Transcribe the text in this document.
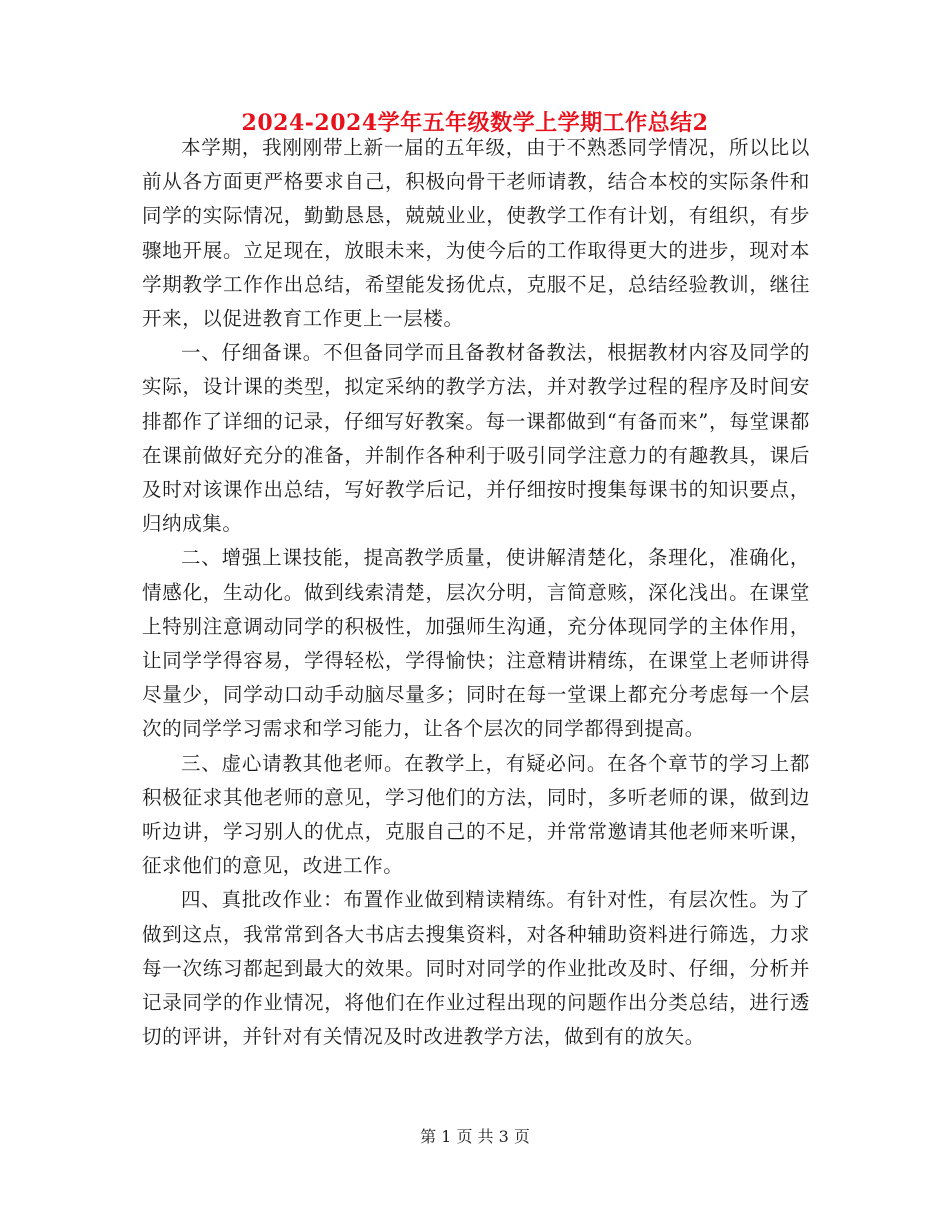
2024-2024学年五年级数学上学期工作总结2

本学期，我刚刚带上新一届的五年级，由于不熟悉同学情况，所以比以前从各方面更严格要求自己，积极向骨干老师请教，结合本校的实际条件和同学的实际情况，勤勤恳恳，兢兢业业，使教学工作有计划，有组织，有步骤地开展。立足现在，放眼未来，为使今后的工作取得更大的进步，现对本学期教学工作作出总结，希望能发扬优点，克服不足，总结经验教训，继往开来，以促进教育工作更上一层楼。

一、仔细备课。不但备同学而且备教材备教法，根据教材内容及同学的实际，设计课的类型，拟定采纳的教学方法，并对教学过程的程序及时间安排都作了详细的记录，仔细写好教案。每一课都做到“有备而来”，每堂课都在课前做好充分的准备，并制作各种利于吸引同学注意力的有趣教具，课后及时对该课作出总结，写好教学后记，并仔细按时搜集每课书的知识要点，归纳成集。

二、增强上课技能，提高教学质量，使讲解清楚化，条理化，准确化，情感化，生动化。做到线索清楚，层次分明，言简意赅，深化浅出。在课堂上特别注意调动同学的积极性，加强师生沟通，充分体现同学的主体作用，让同学学得容易，学得轻松，学得愉快；注意精讲精练，在课堂上老师讲得尽量少，同学动口动手动脑尽量多；同时在每一堂课上都充分考虑每一个层次的同学学习需求和学习能力，让各个层次的同学都得到提高。

三、虚心请教其他老师。在教学上，有疑必问。在各个章节的学习上都积极征求其他老师的意见，学习他们的方法，同时，多听老师的课，做到边听边讲，学习别人的优点，克服自己的不足，并常常邀请其他老师来听课，征求他们的意见，改进工作。

四、真批改作业：布置作业做到精读精练。有针对性，有层次性。为了做到这点，我常常到各大书店去搜集资料，对各种辅助资料进行筛选，力求每一次练习都起到最大的效果。同时对同学的作业批改及时、仔细，分析并记录同学的作业情况，将他们在作业过程出现的问题作出分类总结，进行透切的评讲，并针对有关情况及时改进教学方法，做到有的放矢。

第 1 页 共 3 页
